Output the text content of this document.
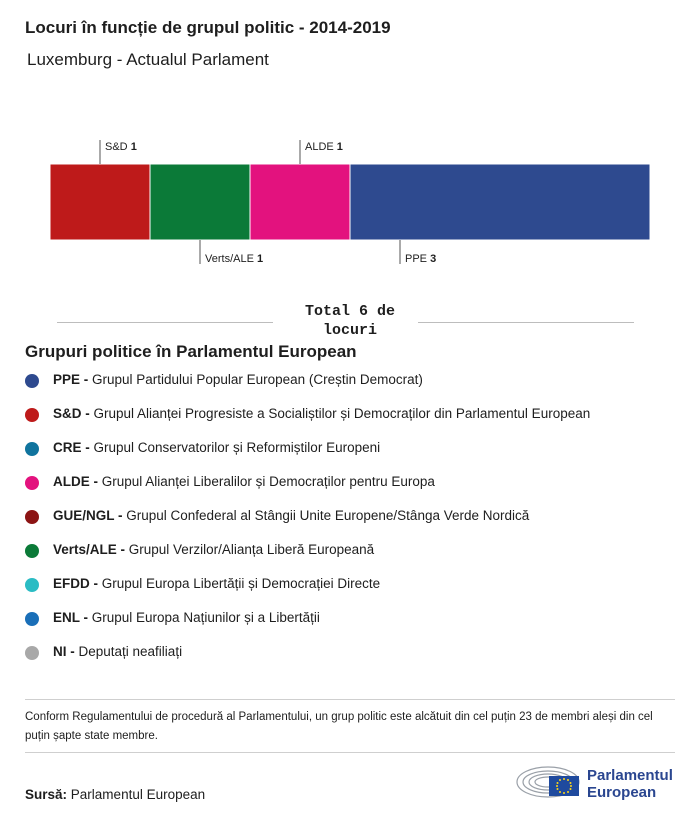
Locuri în funcție de grupul politic - 2014-2019
Luxemburg - Actualul Parlament
S&D 1
Verts/ALE 1
ALDE 1
PPE 3
Total 6 de locuri
Grupuri politice în Parlamentul European
PPE - Grupul Partidului Popular European (Creștin Democrat)
S&D - Grupul Alianței Progresiste a Socialiștilor și Democraților din Parlamentul European
CRE - Grupul Conservatorilor și Reformiștilor Europeni
ALDE - Grupul Alianței Liberalilor și Democraților pentru Europa
GUE/NGL - Grupul Confederal al Stângii Unite Europene/Stânga Verde Nordică
Verts/ALE - Grupul Verzilor/Alianța Liberă Europeană
EFDD - Grupul Europa Libertății și Democrației Directe
ENL - Grupul Europa Națiunilor și a Libertății
NI - Deputați neafiliați
Conform Regulamentului de procedură al Parlamentului, un grup politic este alcătuit din cel puțin 23 de membri aleși din cel puțin șapte state membre.
Sursă: Parlamentul European
Parlamentul
European
